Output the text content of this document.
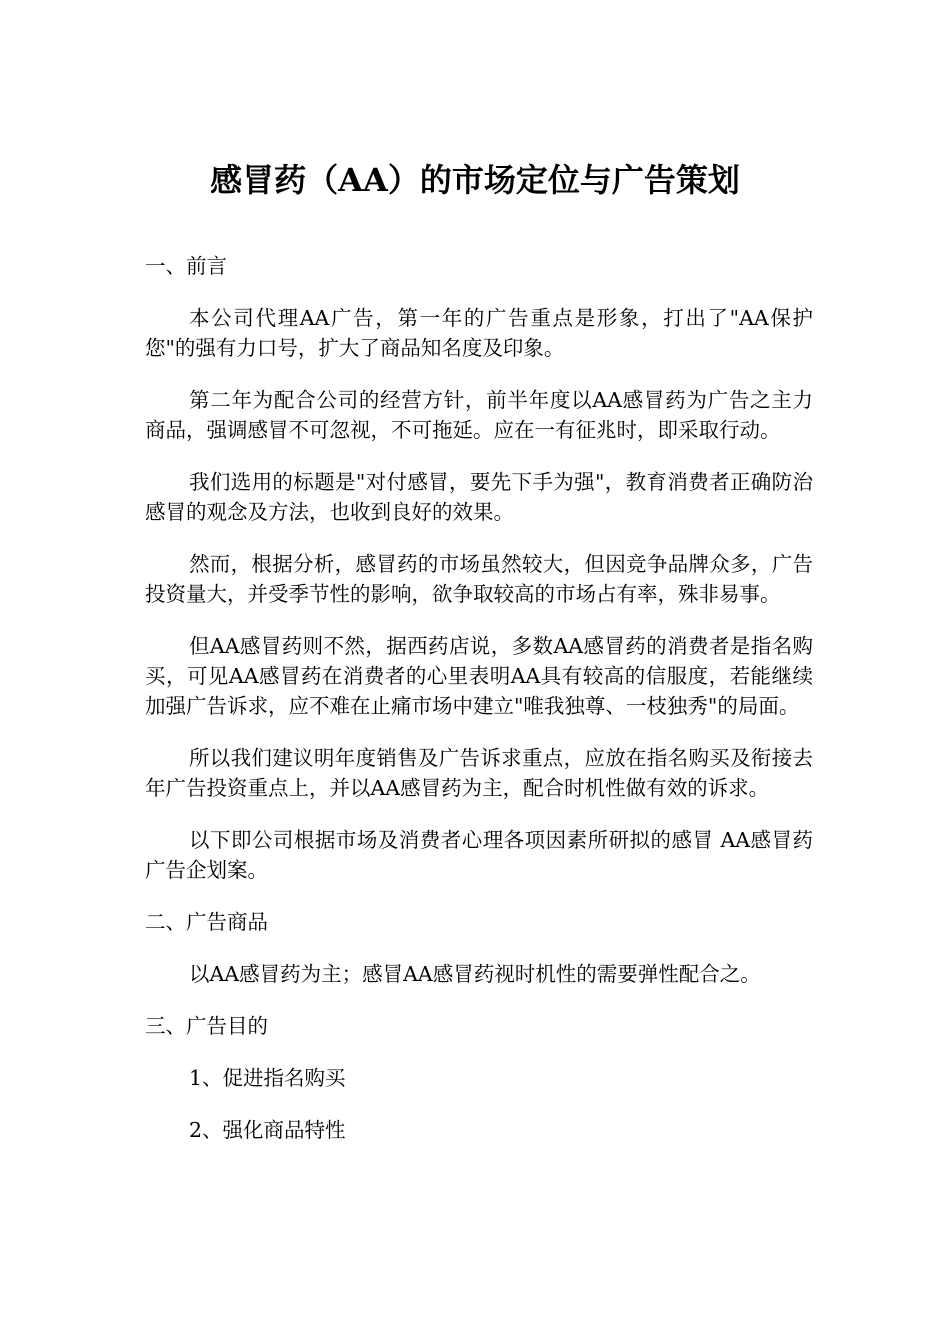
感冒药（AA）的市场定位与广告策划
一、前言

本公司代理AA广告，第一年的广告重点是形象，打出了"AA保护您"的强有力口号，扩大了商品知名度及印象。

第二年为配合公司的经营方针，前半年度以AA感冒药为广告之主力商品，强调感冒不可忽视，不可拖延。应在一有征兆时，即采取行动。

我们选用的标题是"对付感冒，要先下手为强"，教育消费者正确防治感冒的观念及方法，也收到良好的效果。

然而，根据分析，感冒药的市场虽然较大，但因竞争品牌众多，广告投资量大，并受季节性的影响，欲争取较高的市场占有率，殊非易事。

但AA感冒药则不然，据西药店说，多数AA感冒药的消费者是指名购买，可见AA感冒药在消费者的心里表明AA具有较高的信服度，若能继续加强广告诉求，应不难在止痛市场中建立"唯我独尊、一枝独秀"的局面。

所以我们建议明年度销售及广告诉求重点，应放在指名购买及衔接去年广告投资重点上，并以AA感冒药为主，配合时机性做有效的诉求。

以下即公司根据市场及消费者心理各项因素所研拟的感冒 AA感冒药广告企划案。

二、广告商品

以AA感冒药为主；感冒AA感冒药视时机性的需要弹性配合之。

三、广告目的
1、促进指名购买
2、强化商品特性
